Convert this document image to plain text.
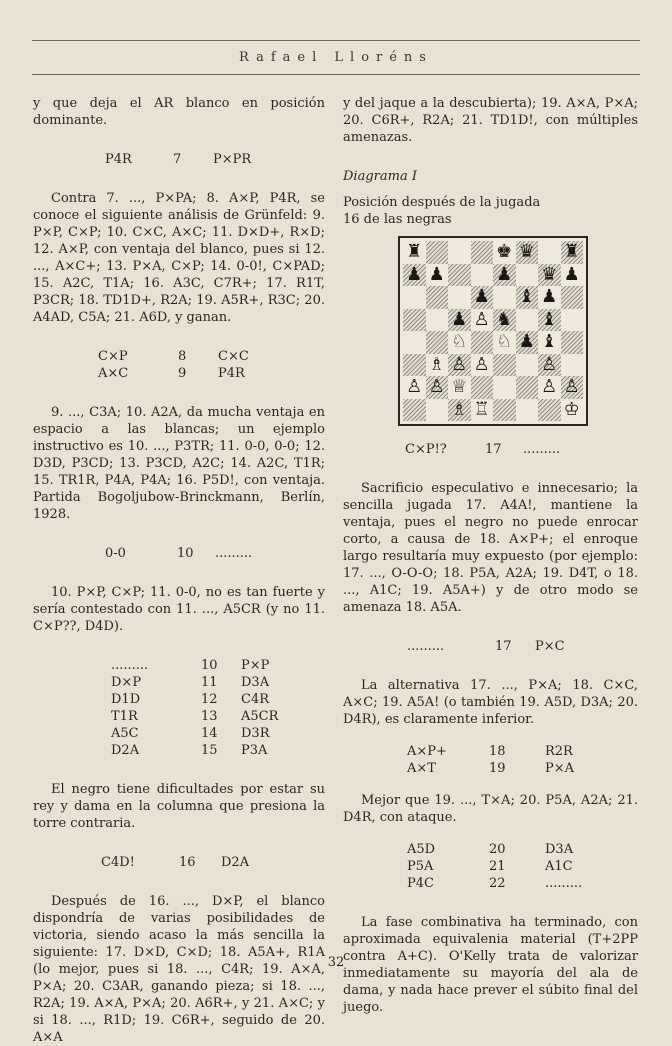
Rafael Lloréns

y que deja el AR blanco en posición dominante.

P4R	7	P×PR

Contra 7. ..., P×PA; 8. A×P, P4R, se conoce el siguiente análisis de Grünfeld: 9. P×P, C×P; 10. C×C, A×C; 11. D×D+, R×D; 12. A×P, con ventaja del blanco, pues si 12. ..., A×C+; 13. P×A, C×P; 14. 0-0!, C×PAD; 15. A2C, T1A; 16. A3C, C7R+; 17. R1T, P3CR; 18. TD1D+, R2A; 19. A5R+, R3C; 20. A4AD, C5A; 21. A6D, y ganan.

C×P	8	C×C
A×C	9	P4R

9. ..., C3A; 10. A2A, da mucha ventaja en espacio a las blancas; un ejemplo instructivo es 10. ..., P3TR; 11. 0-0, 0-0; 12. D3D, P3CD; 13. P3CD, A2C; 14. A2C, T1R; 15. TR1R, P4A, P4A; 16. P5D!, con ventaja. Partida Bogoljubow-Brinckmann, Berlín, 1928.

0-0	10	.........

10. P×P, C×P; 11. 0-0, no es tan fuerte y sería contestado con 11. ..., A5CR (y no 11. C×P??, D4D).

.........	10	P×P
D×P	11	D3A
D1D	12	C4R
T1R	13	A5CR
A5C	14	D3R
D2A	15	P3A

El negro tiene dificultades por estar su rey y dama en la columna que presiona la torre contraria.

C4D!	16	D2A

Después de 16. ..., D×P, el blanco dispondría de varias posibilidades de victoria, siendo acaso la más sencilla la siguiente: 17. D×D, C×D; 18. A5A+, R1A (lo mejor, pues si 18. ..., C4R; 19. A×A, P×A; 20. C3AR, ganando pieza; si 18. ..., R2A; 19. A×A, P×A; 20. A6R+, y 21. A×C; y si 18. ..., R1D; 19. C6R+, seguido de 20. A×A

y del jaque a la descubierta); 19. A×A, P×A; 20. C6R+, R2A; 21. TD1D!, con múltiples amenazas.

Diagrama I

Posición después de la jugada

16 de las negras

♜	♚ ♛ ♜
♟ ♟	♟ ♛ ♟
♟ ♝ ♟
♟ ♙ ♞ ♝
♘ ♘ ♟ ♝
♗ ♙ ♙	♙
♙ ♙ ♕	♙ ♙
♗ ♖	♔
C×P!?	17	.........

Sacrificio especulativo e innecesario; la sencilla jugada 17. A4A!, mantiene la ventaja, pues el negro no puede enrocar corto, a causa de 18. A×P+; el enroque largo resultaría muy expuesto (por ejemplo: 17. ..., O-O-O; 18. P5A, A2A; 19. D4T, o 18. ..., A1C; 19. A5A+) y de otro modo se amenaza 18. A5A.

.........	17	P×C

La alternativa 17. ..., P×A; 18. C×C, A×C; 19. A5A! (o también 19. A5D, D3A; 20. D4R), es claramente inferior.

A×P+	18	R2R
A×T	19	P×A

Mejor que 19. ..., T×A; 20. P5A, A2A; 21. D4R, con ataque.

A5D	20	D3A
P5A	21	A1C
P4C	22	.........

La fase combinativa ha terminado, con aproximada equivalenia material (T+2PP contra A+C). O'Kelly trata de valorizar inmediatamente su mayoría del ala de dama, y nada hace prever el súbito final del juego.

32
